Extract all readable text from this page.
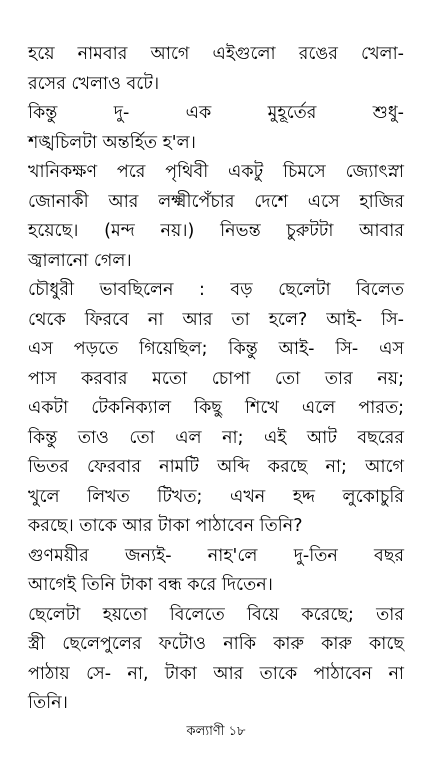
হয়ে নামবার আগে এইগুলো রঙের খেলা-
রসের খেলাও বটে।
কিন্তু দু- এক মুহূর্তের শুধু-
শঙ্খচিলটা অন্তর্হিত হ'ল।
খানিকক্ষণ পরে পৃথিবী একটু চিমসে জ্যোৎস্না
জোনাকী আর লক্ষ্মীপেঁচার দেশে এসে হাজির
হয়েছে। (মন্দ নয়।) নিভন্ত চুরুটটা আবার
জ্বালানো গেল।
চৌধুরী ভাবছিলেন : বড় ছেলেটা বিলেত
থেকে ফিরবে না আর তা হলে? আই- সি-
এস পড়তে গিয়েছিল; কিন্তু আই- সি- এস
পাস করবার মতো চোপা তো তার নয়;
একটা টেকনিক্যাল কিছু শিখে এলে পারত;
কিন্তু তাও তো এল না; এই আট বছরের
ভিতর ফেরবার নামটি অব্দি করছে না; আগে
খুলে লিখত টিখত; এখন হদ্দ লুকোচুরি
করছে। তাকে আর টাকা পাঠাবেন তিনি?
গুণময়ীর জন্যই- নাহ'লে দু-তিন বছর
আগেই তিনি টাকা বন্ধ করে দিতেন।
ছেলেটা হয়তো বিলেতে বিয়ে করেছে; তার
স্ত্রী ছেলেপুলের ফটোও নাকি কারু কারু কাছে
পাঠায় সে- না, টাকা আর তাকে পাঠাবেন না
তিনি।
কল্যাণী ১৮
